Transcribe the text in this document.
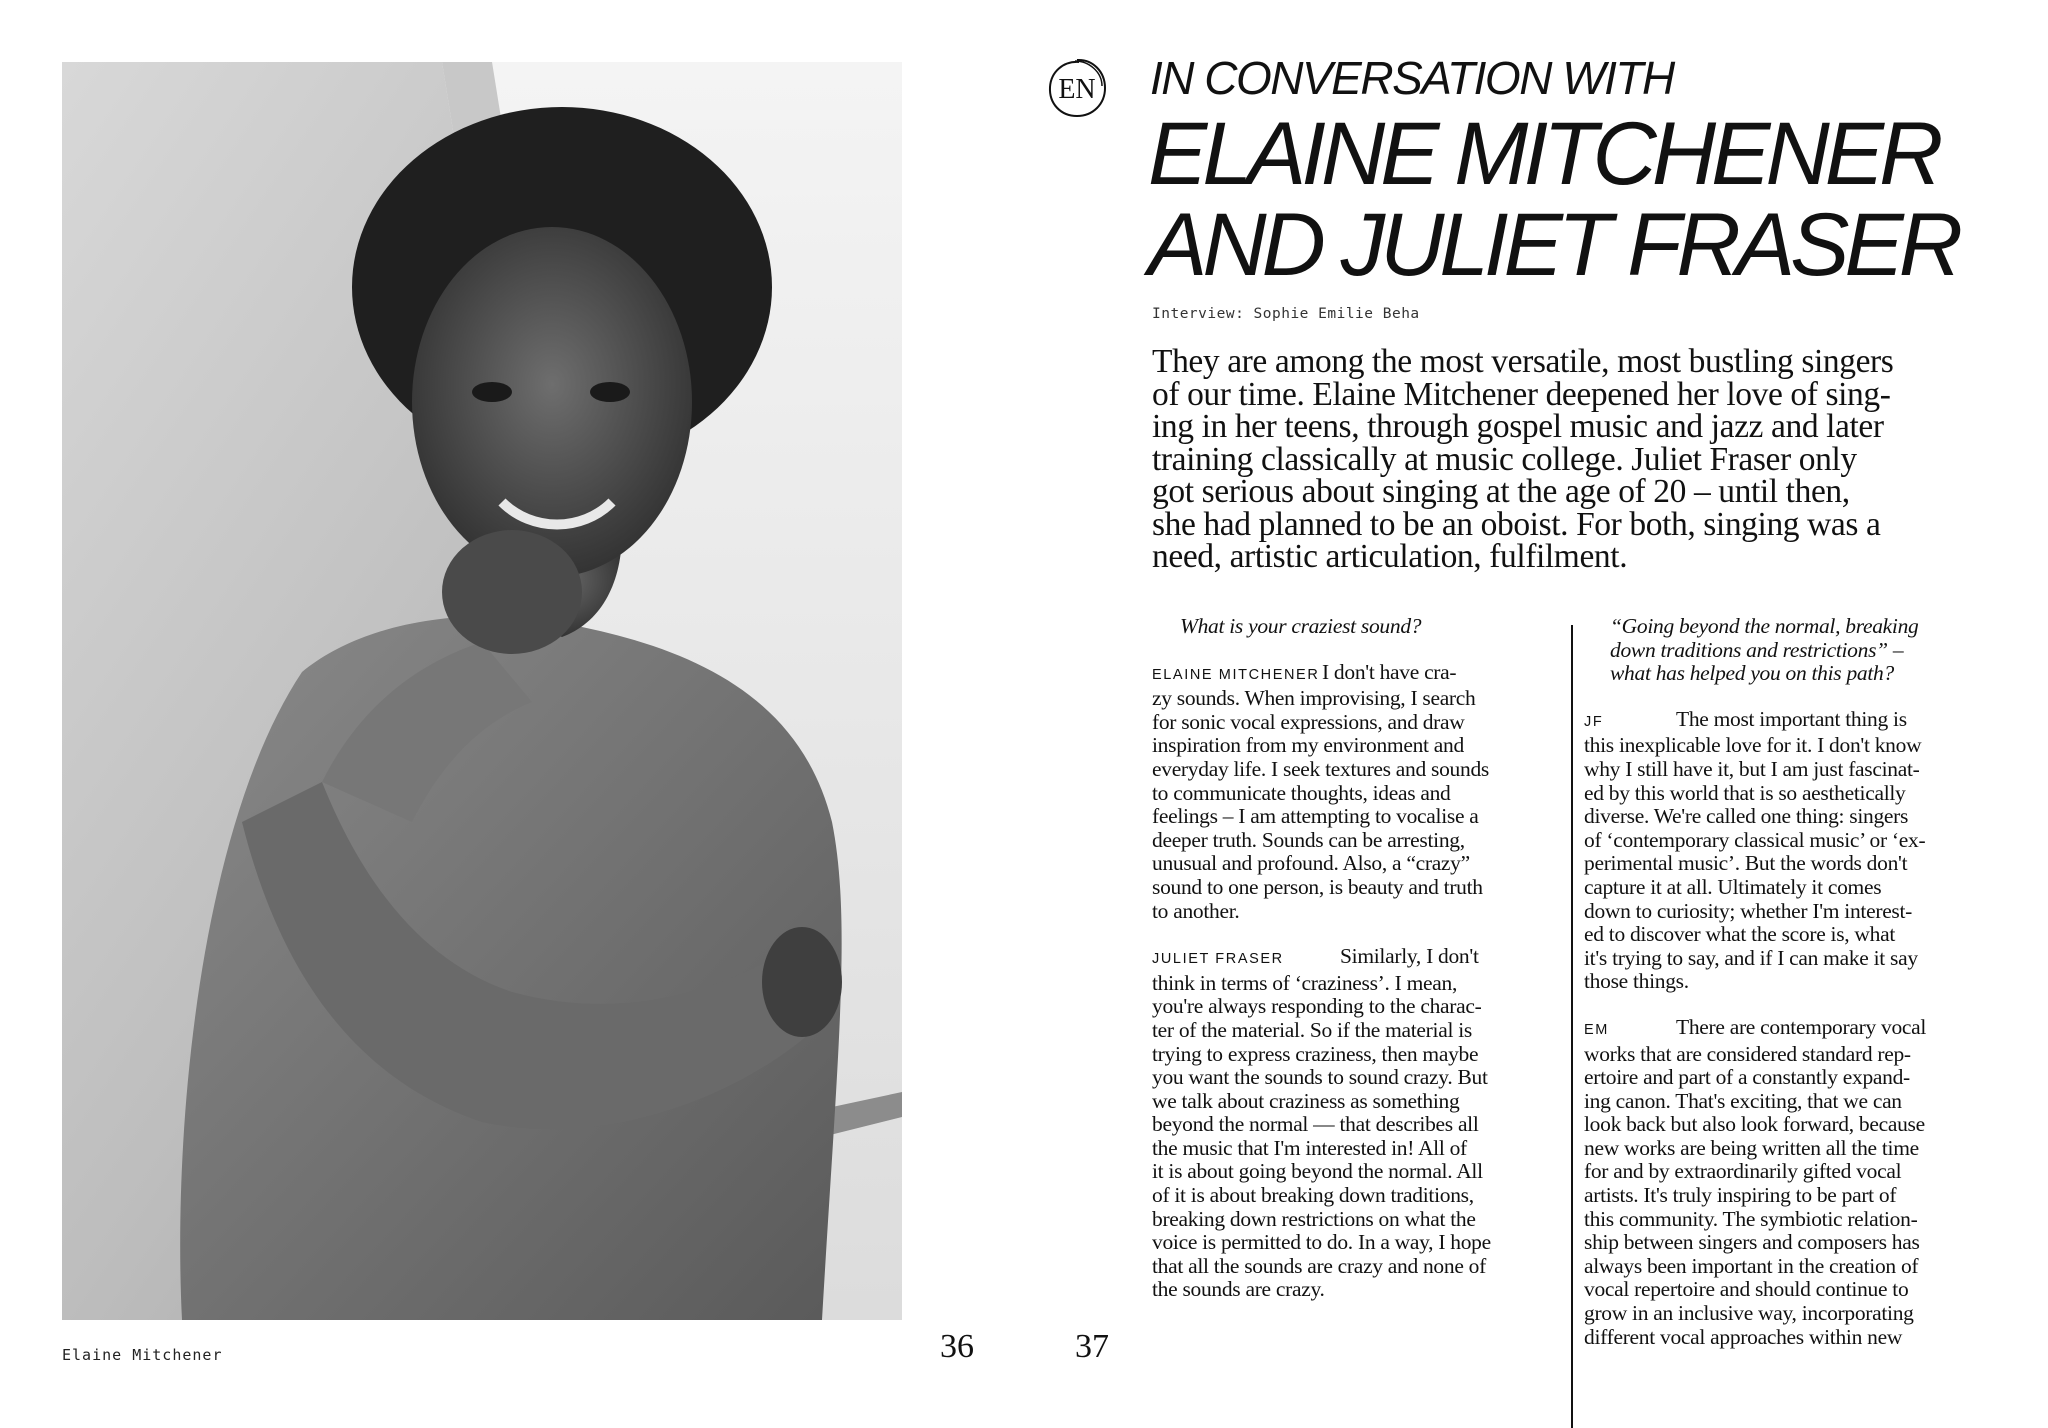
Elaine Mitchener	36
EN IN CONVERSATION WITH
ELAINE MITCHENER
AND JULIET FRASER
Interview: Sophie Emilie Beha
They are among the most versatile, most bustling singers
of our time. Elaine Mitchener deepened her love of sing-
ing in her teens, through gospel music and jazz and later
training classically at music college. Juliet Fraser only
got serious about singing at the age of 20 – until then,
she had planned to be an oboist. For both, singing was a
need, artistic articulation, fulfilment.
What is your craziest sound?
ELAINE MITCHENER I don't have cra-
zy sounds. When improvising, I search
for sonic vocal expressions, and draw
inspiration from my environment and
everyday life. I seek textures and sounds
to communicate thoughts, ideas and
feelings – I am attempting to vocalise a
deeper truth. Sounds can be arresting,
unusual and profound. Also, a “crazy”
sound to one person, is beauty and truth
to another.
JULIET FRASER	Similarly, I don't
think in terms of ‘craziness’. I mean,
you're always responding to the charac-
ter of the material. So if the material is
trying to express craziness, then maybe
you want the sounds to sound crazy. But
we talk about craziness as something
beyond the normal — that describes all
the music that I'm interested in! All of
it is about going beyond the normal. All
of it is about breaking down traditions,
breaking down restrictions on what the
voice is permitted to do. In a way, I hope
that all the sounds are crazy and none of
the sounds are crazy.
“Going beyond the normal, breaking
down traditions and restrictions” –
what has helped you on this path?
JF	The most important thing is
this inexplicable love for it. I don't know
why I still have it, but I am just fascinat-
ed by this world that is so aesthetically
diverse. We're called one thing: singers
of ‘contemporary classical music’ or ‘ex-
perimental music’. But the words don't
capture it at all. Ultimately it comes
down to curiosity; whether I'm interest-
ed to discover what the score is, what
it's trying to say, and if I can make it say
those things.
EM	There are contemporary vocal
works that are considered standard rep-
ertoire and part of a constantly expand-
ing canon. That's exciting, that we can
look back but also look forward, because
new works are being written all the time
for and by extraordinarily gifted vocal
artists. It's truly inspiring to be part of
this community. The symbiotic relation-
ship between singers and composers has
always been important in the creation of
vocal repertoire and should continue to
grow in an inclusive way, incorporating
different vocal approaches within new
37
